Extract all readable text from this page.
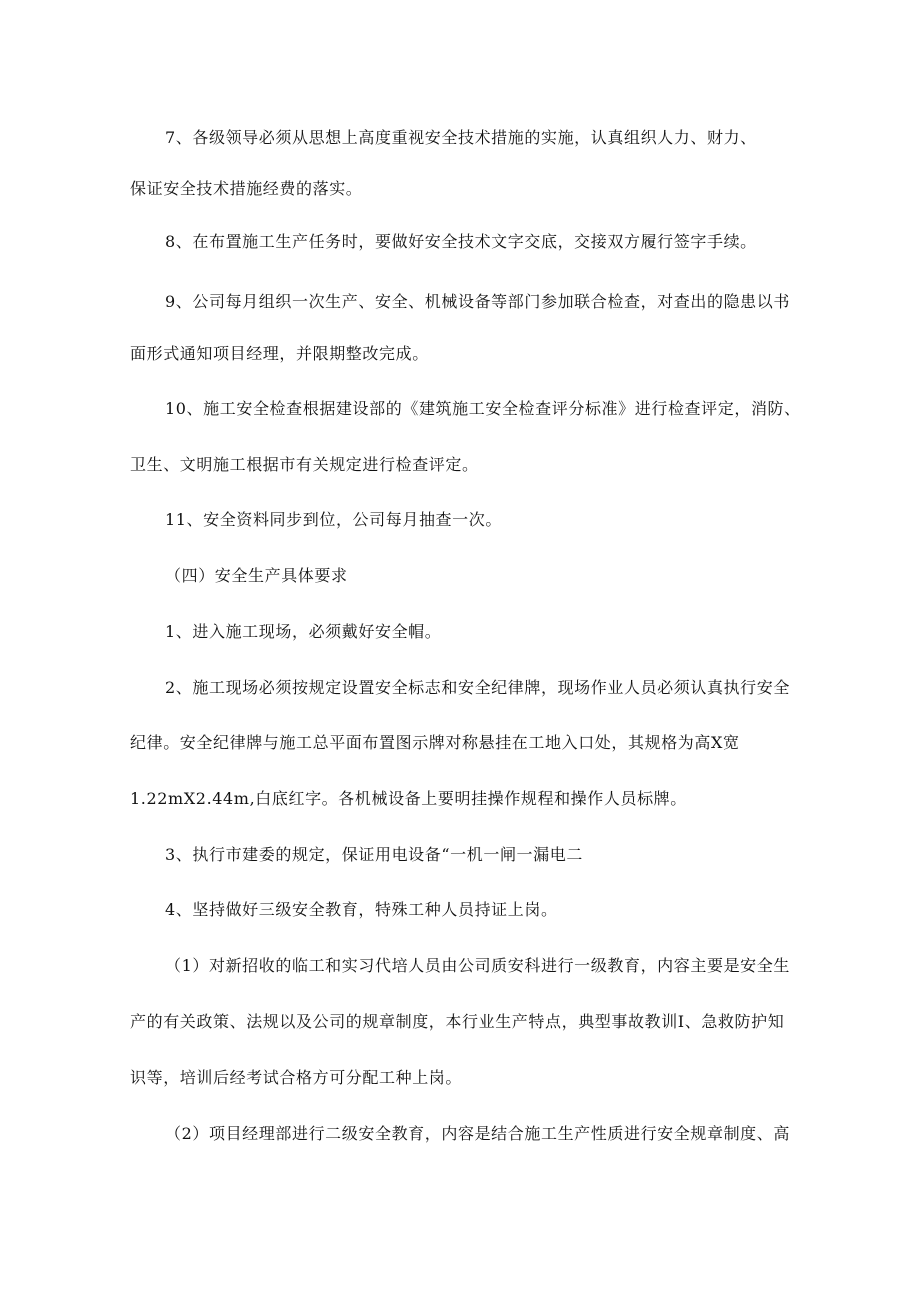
7、各级领导必须从思想上高度重视安全技术措施的实施，认真组织人力、财力、

保证安全技术措施经费的落实。

8、在布置施工生产任务时，要做好安全技术文字交底，交接双方履行签字手续。

9、公司每月组织一次生产、安全、机械设备等部门参加联合检查，对查出的隐患以书

面形式通知项目经理，并限期整改完成。

10、施工安全检查根据建设部的《建筑施工安全检查评分标准》进行检查评定，消防、

卫生、文明施工根据市有关规定进行检查评定。

11、安全资料同步到位，公司每月抽查一次。

（四）安全生产具体要求

1、进入施工现场，必须戴好安全帽。

2、施工现场必须按规定设置安全标志和安全纪律牌，现场作业人员必须认真执行安全

纪律。安全纪律牌与施工总平面布置图示牌对称悬挂在工地入口处，其规格为高X宽

1.22mX2.44m,白底红字。各机械设备上要明挂操作规程和操作人员标牌。

3、执行市建委的规定，保证用电设备“一机一闸一漏电二

4、坚持做好三级安全教育，特殊工种人员持证上岗。

（1）对新招收的临工和实习代培人员由公司质安科进行一级教育，内容主要是安全生

产的有关政策、法规以及公司的规章制度，本行业生产特点，典型事故教训I、急救防护知

识等，培训后经考试合格方可分配工种上岗。

（2）项目经理部进行二级安全教育，内容是结合施工生产性质进行安全规章制度、高
